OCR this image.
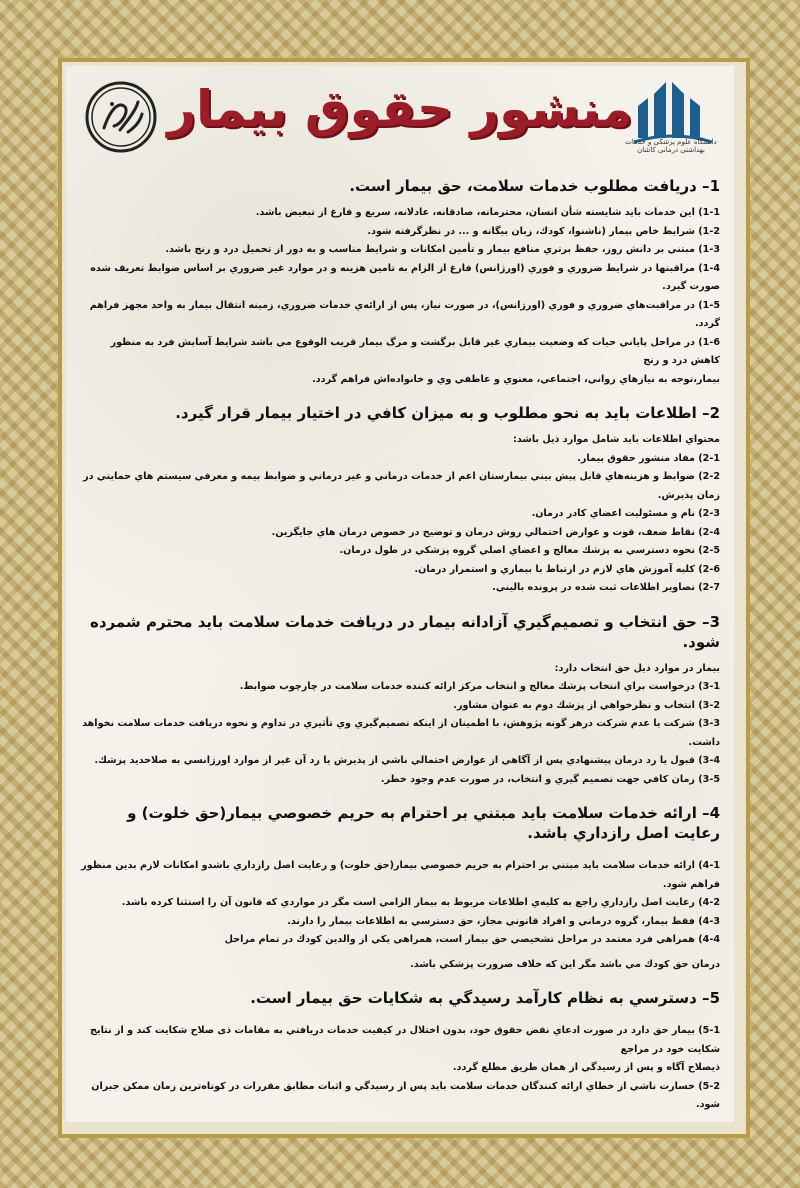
منشور حقوق بيمار
دانشگاه علوم پزشکی و خدمات بهداشتی درمانی کاشان
1– دريافت مطلوب خدمات سلامت، حق بيمار است.

1-1) اين خدمات بايد شايسته شأن انسان، محترمانه، صادقانه، عادلانه، سريع و فارغ از تبعيض باشد.

1-2) شرايط خاص بيمار (ناشنوا، كودك، زبان بيگانه و ... در نظرگرفته شود.

1-3) مبتني بر دانش روز، حفظ برتري منافع بيمار و تأمين امكانات و شرايط مناسب و به دور از تحميل درد و رنج باشد.

1-4) مراقبتها در شرايط ضروري و فوري (اورژانس) فارغ از الزام به تامين هزينه و در موارد غير ضروري بر اساس ضوابط تعريف شده صورت گيرد.

1-5) در مراقبت‌هاي ضروري و فوري (اورژانس)، در صورت نياز، پس از ارائه‌ي خدمات ضروري، زمينه انتقال بيمار به واحد مجهز فراهم گردد.

1-6) در مراحل پاياني حيات كه وضعيت بيماري غير قابل برگشت و مرگ بيمار قريب الوقوع مي باشد شرايط آسايش فرد به منظور كاهش درد و رنج

بيمار،توجه به نيازهاي رواني، اجتماعي، معنوي و عاطفي وي و خانواده‌اش فراهم گردد.

2– اطلاعات بايد به نحو مطلوب و به ميزان كافي در اختيار بيمار قرار گيرد.

محتواي اطلاعات بايد شامل موارد ذيل باشد:

2-1) مفاد منشور حقوق بيمار.

2-2) ضوابط و هزينه‌هاي قابل پيش بيني بيمارستان اعم از خدمات درماني و غير درماني و ضوابط بيمه و معرفي سيستم هاي حمايتي در زمان پذيرش.

2-3) نام و مسئوليت اعضاي كادر درمان.

2-4) نقاط ضعف، قوت و عوارض احتمالي روش درمان و توضيح در خصوص درمان هاي جايگزين.

2-5) نحوه دسترسي به پزشك معالج و اعضاي اصلي گروه پزشكي در طول درمان.

2-6) كليه آموزش هاي لازم در ارتباط با بيماري و استمرار درمان.

2-7) تصاوير اطلاعات ثبت شده در پرونده باليني.

3– حق انتخاب و تصميم‌گيري آزادانه بيمار در دريافت خدمات سلامت بايد محترم شمرده شود.

بيمار در موارد ذيل حق انتخاب دارد:

3-1) درخواست براي انتخاب پزشك معالج و انتخاب مركز ارائه كننده خدمات سلامت در چارچوب ضوابط.

3-2) انتخاب و نظرخواهي از پزشك دوم به عنوان مشاور.

3-3) شركت يا عدم شركت درهر گونه پژوهش، با اطمينان از اينكه تصميم‌گيري وي تأثيري در تداوم و نحوه دريافت خدمات سلامت نخواهد داشت.

3-4) قبول يا رد درمان پيشنهادي پس از آگاهي از عوارض احتمالي ناشي از پذيرش يا رد آن غير از موارد اورژانسي به صلاحديد پزشك.

3-5) زمان كافي جهت تصميم گيري و انتخاب، در صورت عدم وجود خطر.

4– ارائه خدمات سلامت بايد مبتني بر احترام به حريم خصوصي بيمار(حق خلوت) و رعايت اصل رازداري باشد.

4-1) ارائه خدمات سلامت بايد مبتني بر احترام به حريم خصوصي بيمار(حق خلوت) و رعايت اصل رازداري باشدو امكانات لازم بدين منظور فراهم شود.

4-2) رعايت اصل رازداري راجع به كليه‌ي اطلاعات مربوط به بيمار الزامي است مگر در مواردي كه قانون آن را استثنا كرده باشد.

4-3) فقط بيمار، گروه درماني و افراد قانوني مجاز، حق دسترسي به اطلاعات بيمار را دارند.

4-4) همراهي فرد معتمد در مراحل تشخيصي حق بيمار است، همراهي يكي از والدين كودك در تمام مراحل

درمان حق كودك مي باشد مگر اين كه خلاف ضرورت پزشكي باشد.

5– دسترسي به نظام كارآمد رسيدگي به شكايات حق بيمار است.

5-1) بيمار حق دارد در صورت ادعاي نقض حقوق خود، بدون اختلال در كيفيت خدمات دريافتي به مقامات ذی صلاح شكايت كند و از نتايج شكايت خود در مراجع

ذيصلاح آگاه و پس از رسيدگي از همان طريق مطلع گردد.

5-2) خسارت ناشي از خطاي ارائه كنندگان خدمات سلامت بايد پس از رسيدگي و اثبات مطابق مقررات در كوتاه‌ترين زمان ممكن جبران شود.
